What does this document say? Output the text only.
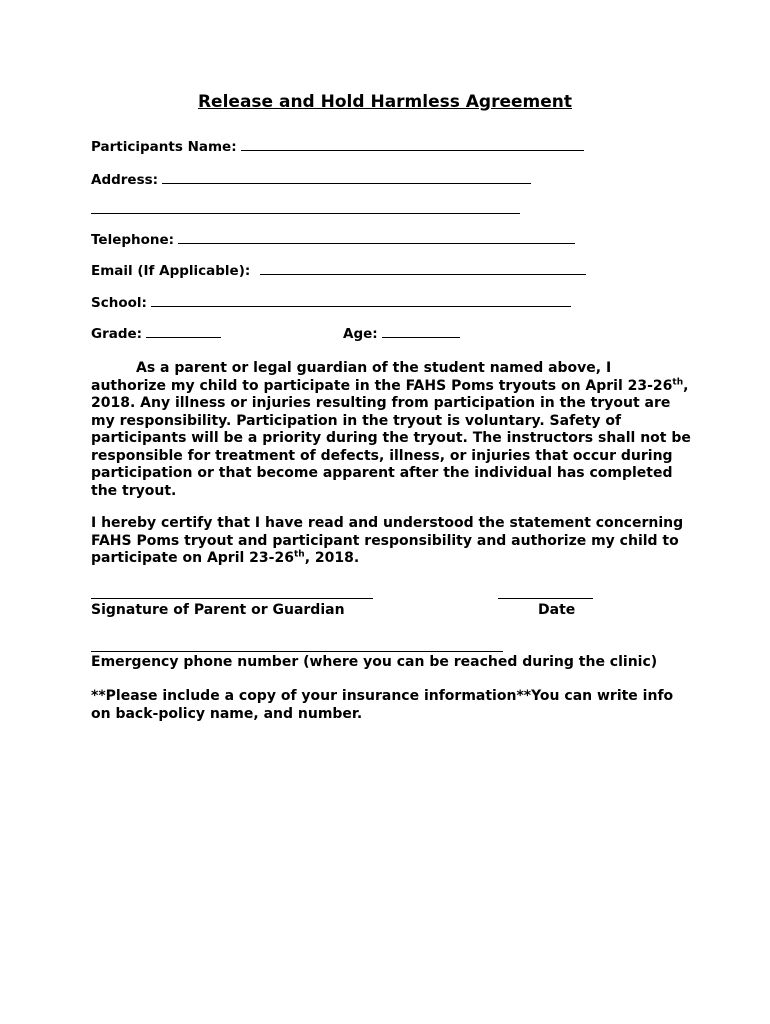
Release and Hold Harmless Agreement
Participants Name:
Address:
Telephone:
Email (If Applicable):
School:
Grade:	Age:
As a parent or legal guardian of the student named above, I authorize my child to participate in the FAHS Poms tryouts on April 23-26th, 2018. Any illness or injuries resulting from participation in the tryout are my responsibility. Participation in the tryout is voluntary. Safety of participants will be a priority during the tryout. The instructors shall not be responsible for treatment of defects, illness, or injuries that occur during participation or that become apparent after the individual has completed the tryout.
I hereby certify that I have read and understood the statement concerning FAHS Poms tryout and participant responsibility and authorize my child to participate on April 23-26th, 2018.
Signature of Parent or Guardian	Date
Emergency phone number (where you can be reached during the clinic)
**Please include a copy of your insurance information**You can write info on back-policy name, and number.
